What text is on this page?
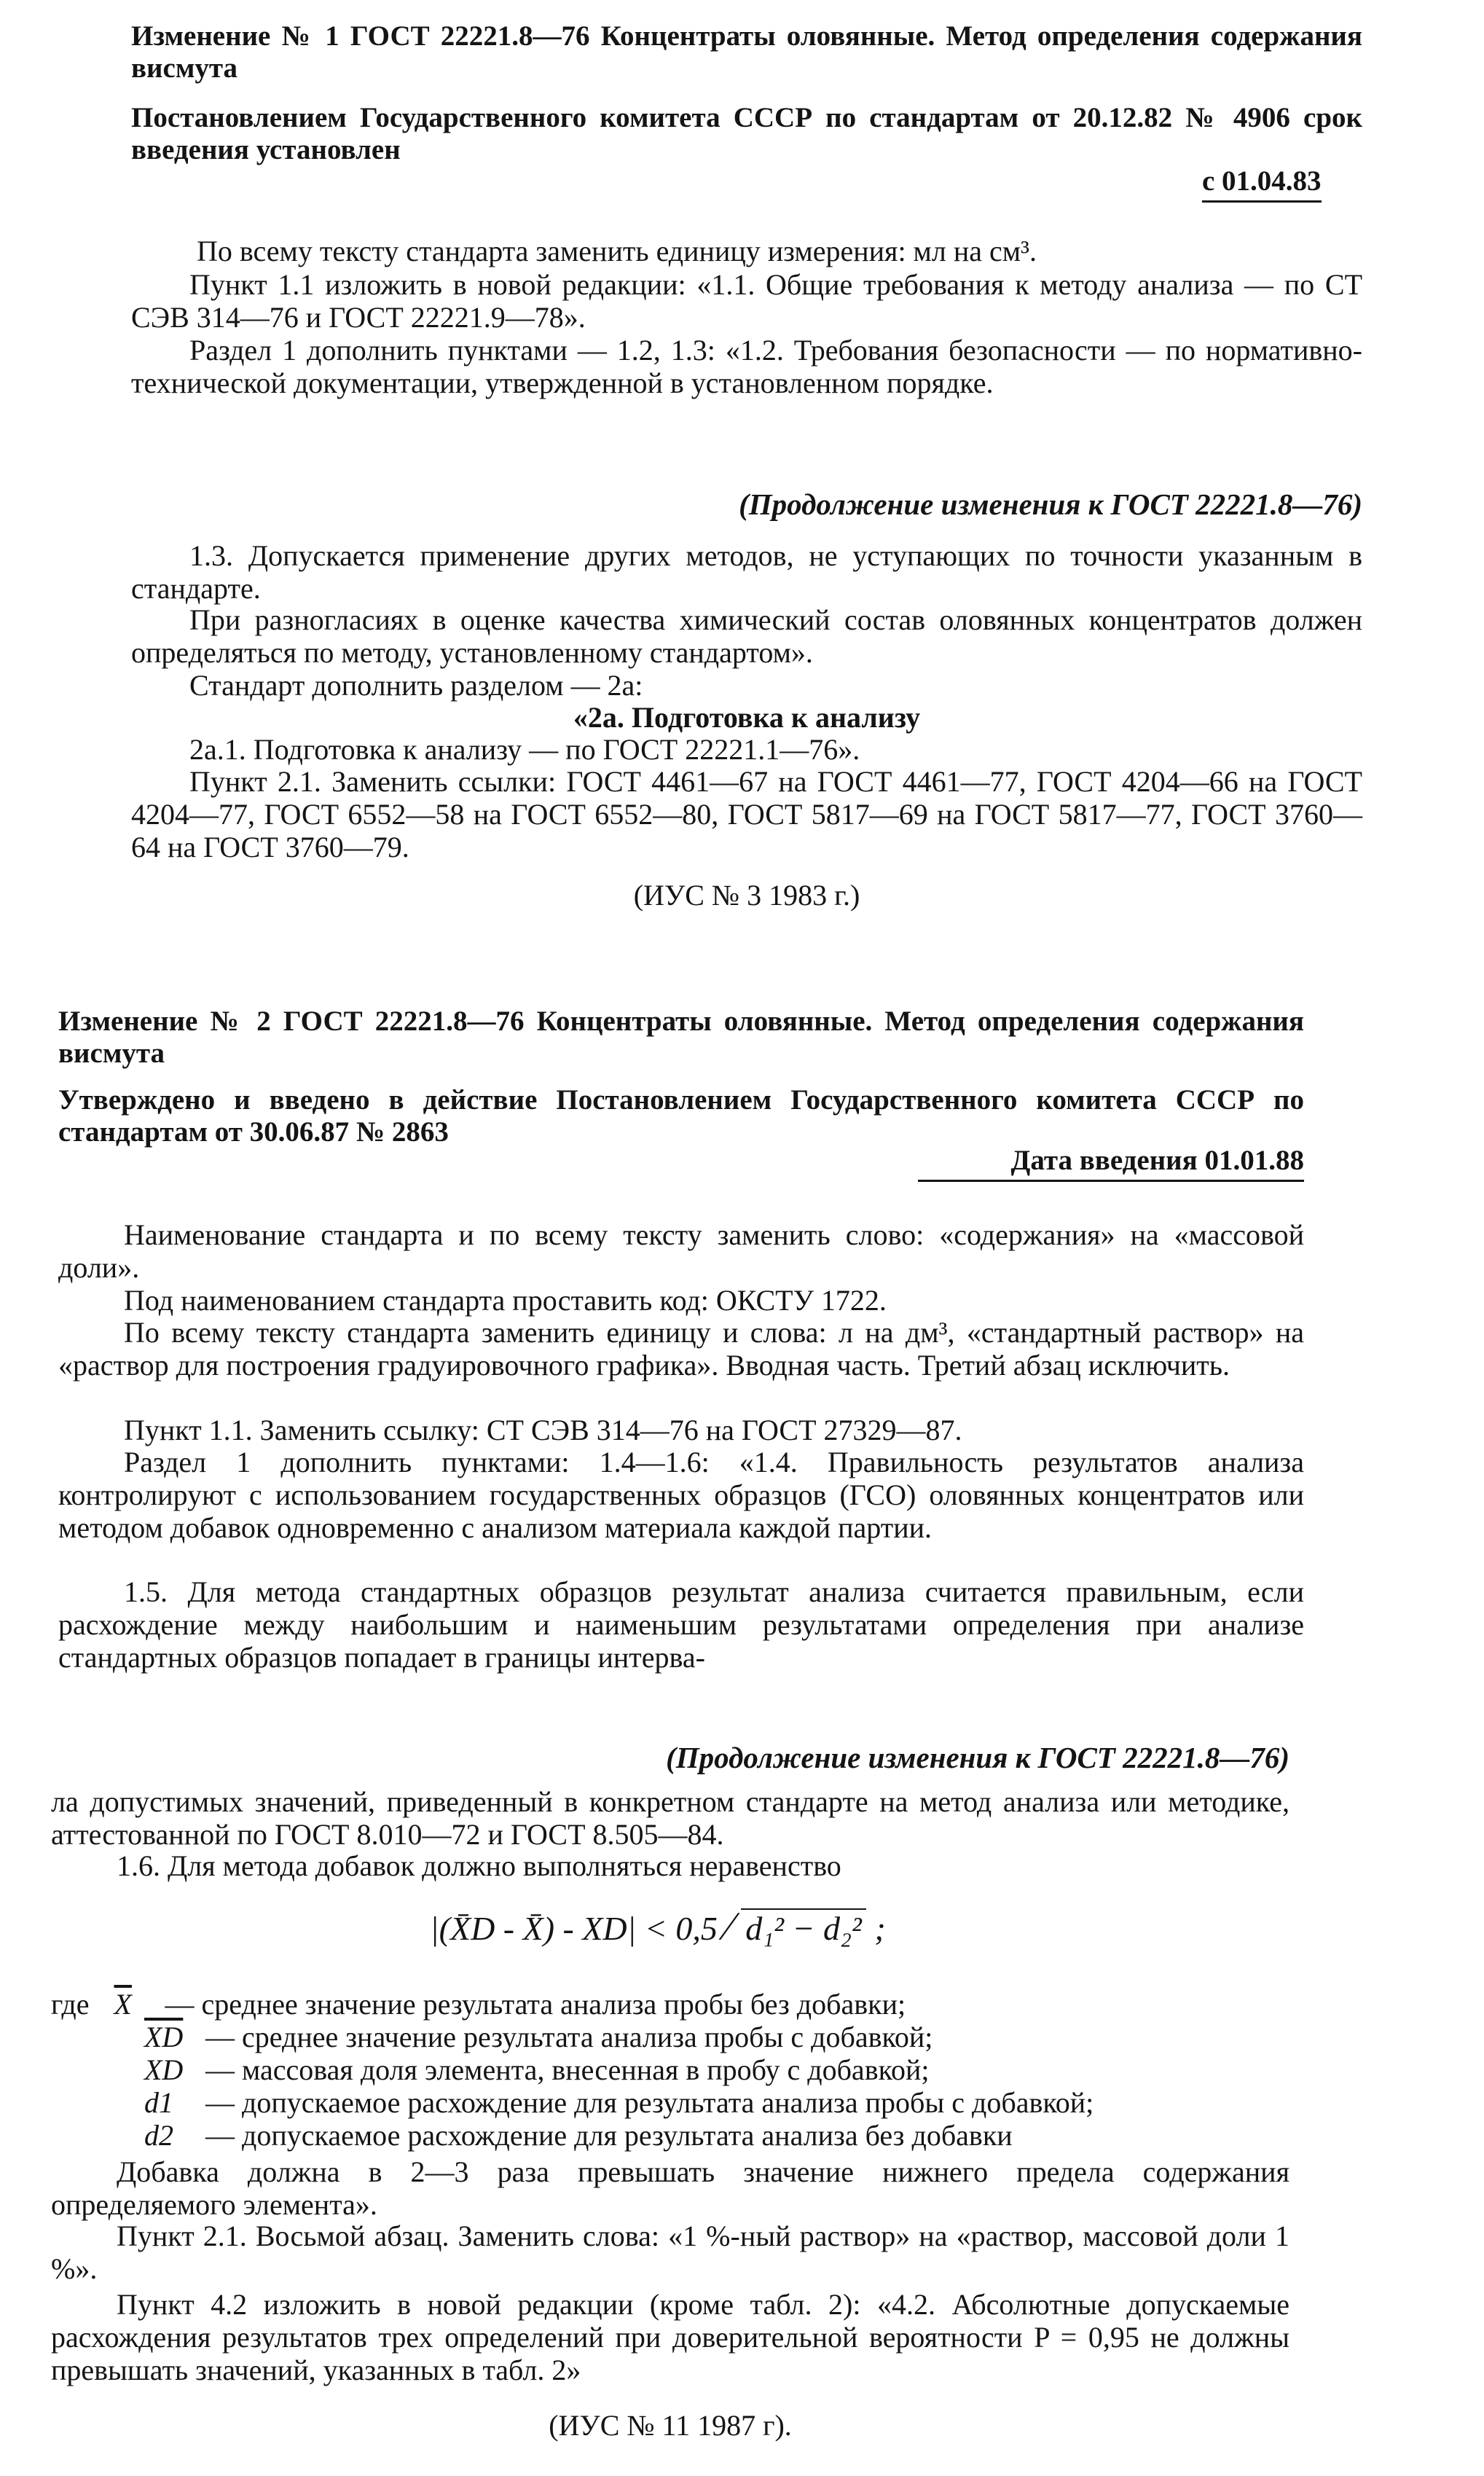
Изменение № 1 ГОСТ 22221.8—76 Концентраты оловянные. Метод определения содержания висмута

Постановлением Государственного комитета СССР по стандартам от 20.12.82 № 4906 срок введения установлен

с 01.04.83

По всему тексту стандарта заменить единицу измерения: мл на см³.

Пункт 1.1 изложить в новой редакции: «1.1. Общие требования к методу анализа — по СТ СЭВ 314—76 и ГОСТ 22221.9—78».

Раздел 1 дополнить пунктами — 1.2, 1.3: «1.2. Требования безопасности — по нормативно-технической документации, утвержденной в установленном порядке.

(Продолжение изменения к ГОСТ 22221.8—76)

1.3. Допускается применение других методов, не уступающих по точности указанным в стандарте.

При разногласиях в оценке качества химический состав оловянных концентратов должен определяться по методу, установленному стандартом».

Стандарт дополнить разделом — 2а:

«2а. Подготовка к анализу

2а.1. Подготовка к анализу — по ГОСТ 22221.1—76».

Пункт 2.1. Заменить ссылки: ГОСТ 4461—67 на ГОСТ 4461—77, ГОСТ 4204—66 на ГОСТ 4204—77, ГОСТ 6552—58 на ГОСТ 6552—80, ГОСТ 5817—69 на ГОСТ 5817—77, ГОСТ 3760—64 на ГОСТ 3760—79.

(ИУС № 3 1983 г.)

Изменение № 2 ГОСТ 22221.8—76 Концентраты оловянные. Метод определения содержания висмута

Утверждено и введено в действие Постановлением Государственного комитета СССР по стандартам от 30.06.87 № 2863

Дата введения 01.01.88

Наименование стандарта и по всему тексту заменить слово: «содержания» на «массовой доли».

Под наименованием стандарта проставить код: ОКСТУ 1722.

По всему тексту стандарта заменить единицу и слова: л на дм³, «стандартный раствор» на «раствор для построения градуировочного графика». Вводная часть. Третий абзац исключить.

Пункт 1.1. Заменить ссылку: СТ СЭВ 314—76 на ГОСТ 27329—87.

Раздел 1 дополнить пунктами: 1.4—1.6: «1.4. Правильность результатов анализа контролируют с использованием государственных образцов (ГСО) оловянных концентратов или методом добавок одновременно с анализом материала каждой партии.

1.5. Для метода стандартных образцов результат анализа считается правильным, если расхождение между наибольшим и наименьшим результатами определения при анализе стандартных образцов попадает в границы интерва-

(Продолжение изменения к ГОСТ 22221.8—76)

ла допустимых значений, приведенный в конкретном стандарте на метод анализа или методике, аттестованной по ГОСТ 8.010—72 и ГОСТ 8.505—84.

1.6. Для метода добавок должно выполняться неравенство

|(X̄D - X̄) - XD| < 0,5 ⁄ d₁² − d₂² ;

где $\overline{X}$ — среднее значение результата анализа пробы без добавки;

$\overline{XD}$ — среднее значение результата анализа пробы с добавкой;

XD — массовая доля элемента, внесенная в пробу с добавкой;

d1 — допускаемое расхождение для результата анализа пробы с добавкой;

d2 — допускаемое расхождение для результата анализа без добавки

Добавка должна в 2—3 раза превышать значение нижнего предела содержания определяемого элемента».

Пункт 2.1. Восьмой абзац. Заменить слова: «1 %-ный раствор» на «раствор, массовой доли 1 %».

Пункт 4.2 изложить в новой редакции (кроме табл. 2): «4.2. Абсолютные допускаемые расхождения результатов трех определений при доверительной вероятности P = 0,95 не должны превышать значений, указанных в табл. 2»

(ИУС № 11 1987 г).
